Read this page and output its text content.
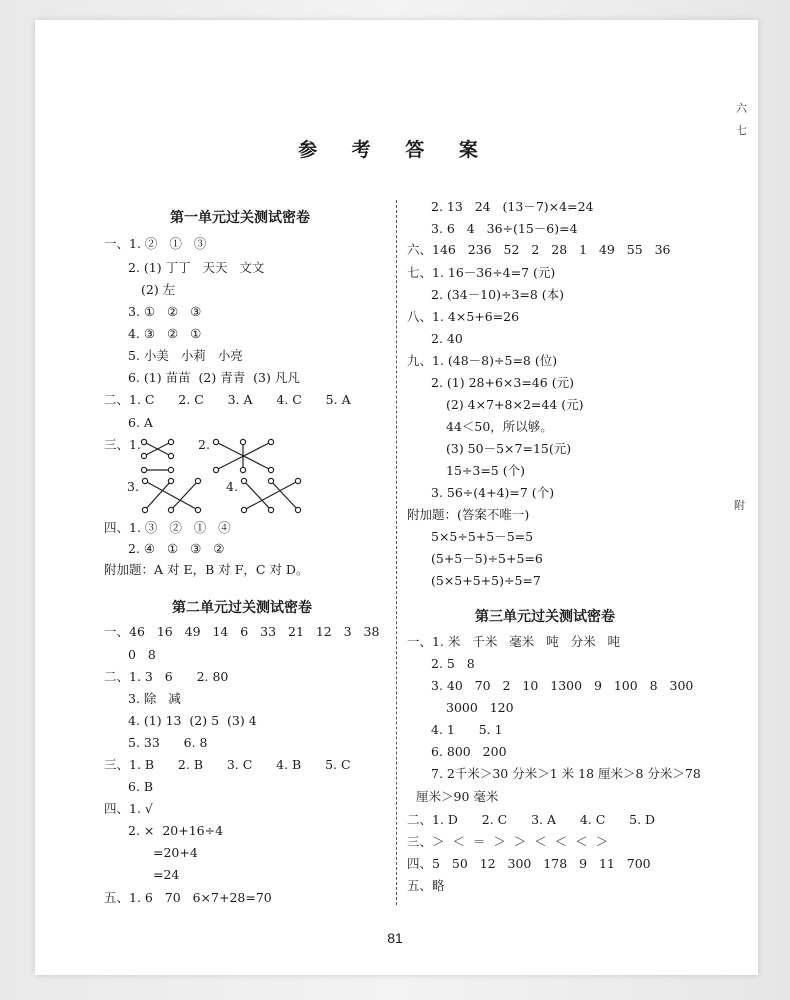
六
七
附
参 考 答 案
第一单元过关测试密卷
一、1. ②   ①   ③
2. (1) 丁丁   天天   文文
(2) 左
3. ①   ②   ③
4. ③   ②   ①
5. 小美   小莉   小亮
6. (1) 苗苗  (2) 青青  (3) 凡凡
二、1. C      2. C      3. A      4. C      5. A
6. A
三、1.	2.
3.	4.
四、1. ③   ②   ①   ④
2. ④   ①   ③   ②
附加题：A 对 E，B 对 F，C 对 D。
第二单元过关测试密卷
一、46   16   49   14   6   33   21   12   3   38
0   8
二、1. 3   6      2. 80
3. 除   减
4. (1) 13  (2) 5  (3) 4
5. 33      6. 8
三、1. B      2. B      3. C      4. B      5. C
6. B
四、1. √
2. ×  20+16÷4
=20+4
=24
五、1. 6   70   6×7+28=70
2. 13   24   (13－7)×4=24
3. 6   4   36÷(15－6)=4
六、146   236   52   2   28   1   49   55   36
七、1. 16－36÷4=7 (元)
2. (34－10)÷3=8 (本)
八、1. 4×5+6=26
2. 40
九、1. (48－8)÷5=8 (位)
2. (1) 28+6×3=46 (元)
(2) 4×7+8×2=44 (元)
44＜50，所以够。
(3) 50－5×7=15(元)
15÷3=5 (个)
3. 56÷(4+4)=7 (个)
附加题：(答案不唯一)
5×5÷5+5－5=5
(5+5－5)÷5+5=6
(5×5+5+5)÷5=7
第三单元过关测试密卷
一、1. 米   千米   毫米   吨   分米   吨
2. 5   8
3. 40   70   2   10   1300   9   100   8   300
3000   120
4. 1      5. 1
6. 800   200
7. 2千米＞30 分米＞1 米 18 厘米＞8 分米＞78
厘米＞90 毫米
二、1. D      2. C      3. A      4. C      5. D
三、＞  ＜  ＝  ＞  ＞  ＜  ＜  ＜  ＞
四、5   50   12   300   178   9   11   700
五、略
81
